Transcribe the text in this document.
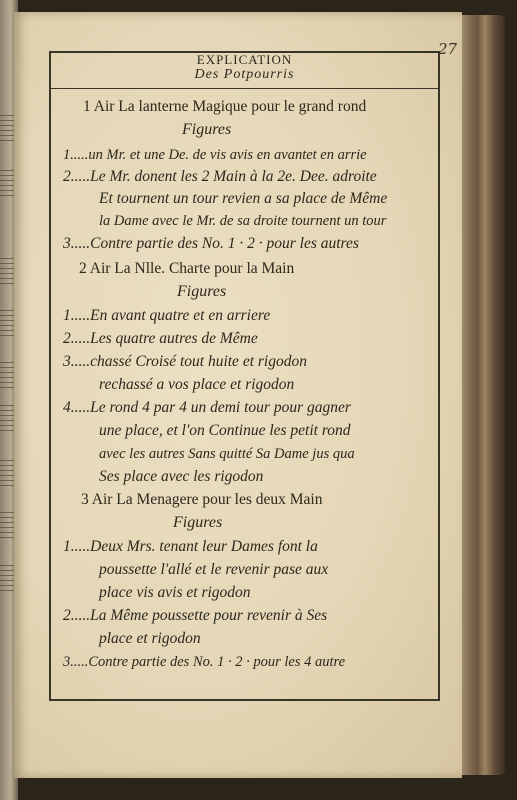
27
EXPLICATION
Des Potpourris
1 Air La lanterne Magique pour le grand rond
Figures
1.....un Mr. et une De. de vis avis en avantet en arrie
2.....Le Mr. donent les 2 Main à la 2e. Dee. adroite
Et tournent un tour revien a sa place de Même
la Dame avec le Mr. de sa droite tournent un tour
3.....Contre partie des No. 1 · 2 · pour les autres
2 Air La Nlle. Charte pour la Main
Figures
1.....En avant quatre et en arriere
2.....Les quatre autres de Même
3.....chassé Croisé tout huite et rigodon
rechassé a vos place et rigodon
4.....Le rond 4 par 4 un demi tour pour gagner
une place, et l'on Continue les petit rond
avec les autres Sans quitté Sa Dame jus qua
Ses place avec les rigodon
3 Air La Menagere pour les deux Main
Figures
1.....Deux Mrs. tenant leur Dames font la
poussette l'allé et le revenir pase aux
place vis avis et rigodon
2.....La Même poussette pour revenir à Ses
place et rigodon
3.....Contre partie des No. 1 · 2 · pour les 4 autre
